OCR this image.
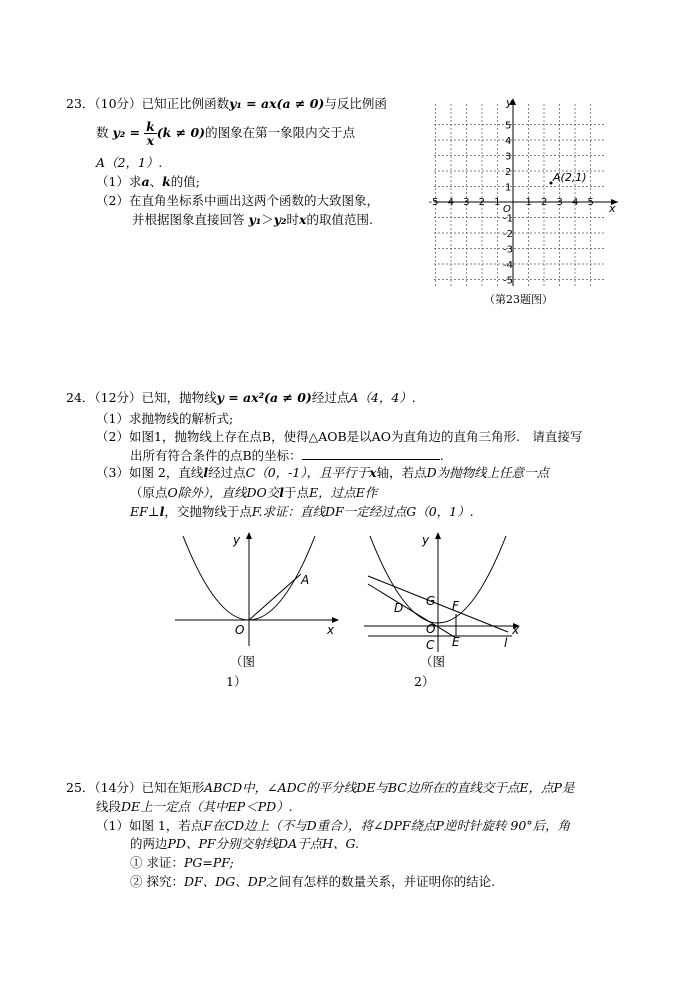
23．（10分）已知正比例函数y₁ = ax(a ≠ 0)与反比例函
数 $y_2 = \frac{k}{x} (k \ne 0)$的图象在第一象限内交于点
A（2，1）.
（1）求a、k的值;
（2）在直角坐标系中画出这两个函数的大致图象，
并根据图象直接回答 y₁＞y₂时x的取值范围.
x
y
O
-5 -4 -3 -2 -1	1 2 3 4 5
5
4
3
2
1
-1
-2
-3
-4
-5
A(2,1)
（第23题图）
24．（12分）已知，抛物线y = ax²(a ≠ 0)经过点A（4，4）.
（1）求抛物线的解析式;
（2）如图1，抛物线上存在点B，使得△AOB是以AO为直角边的直角三角形.　请直接写
出所有符合条件的点B的坐标：	.
（3）如图 2，直线l经过点C（0，-1），且平行于x轴，若点D为抛物线上任意一点
（原点O除外），直线DO交l于点E，过点E作
EF⊥l，交抛物线于点F.求证：直线DF一定经过点G（0，1）.
y
x
O
A
（图
1）
y
x
O
G F
D
C E	l
（图
2）
25．（14分）已知在矩形ABCD中，∠ADC的平分线DE与BC边所在的直线交于点E，点P是
线段DE上一定点（其中EP＜PD）.
（1）如图 1，若点F在CD边上（不与D重合），将∠DPF绕点P逆时针旋转 90°后，角
的两边PD、PF分别交射线DA于点H、G.
① 求证：PG=PF;
② 探究：DF、DG、DP之间有怎样的数量关系，并证明你的结论.
